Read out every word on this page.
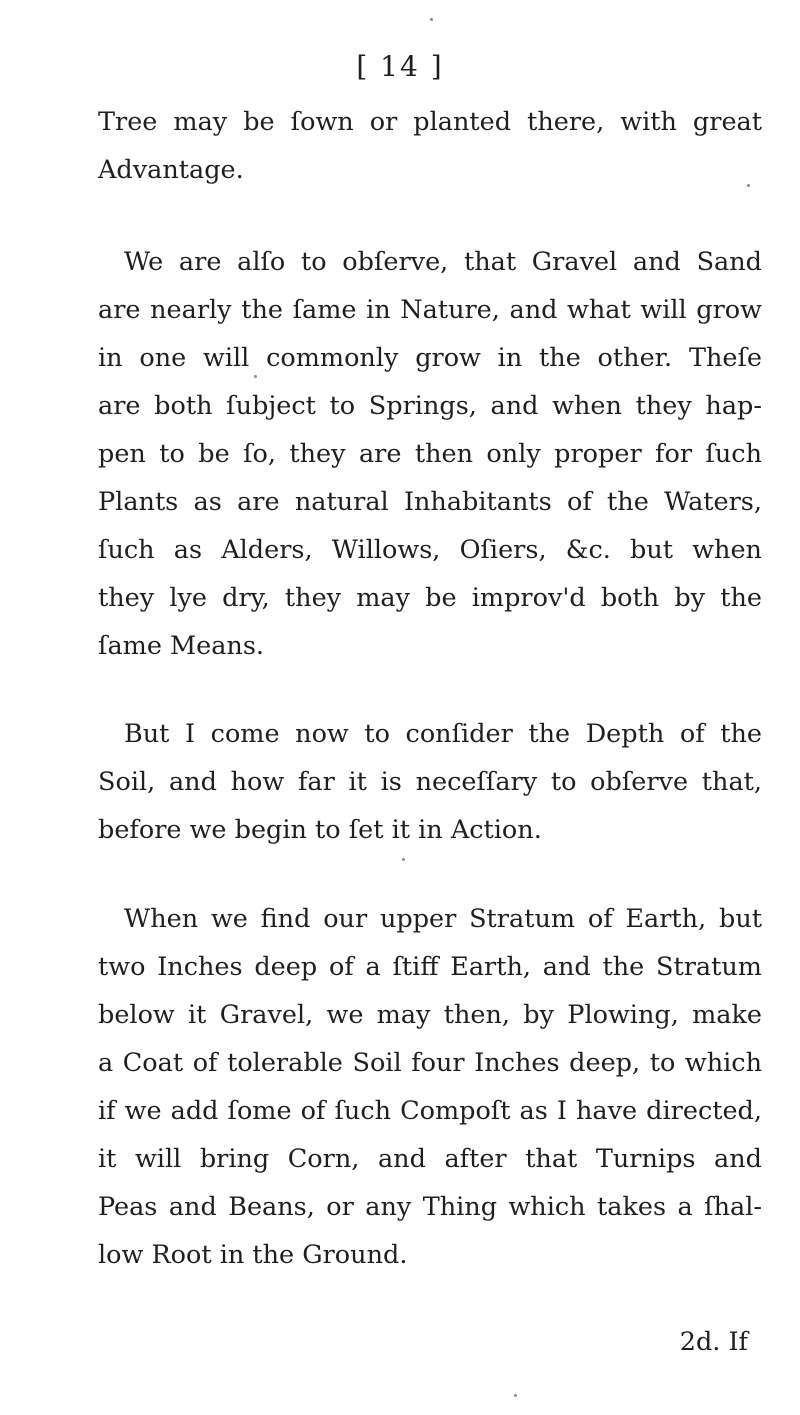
[ 14 ]
Tree may be ſown or planted there, with great
Advantage.
We are alſo to obſerve, that Gravel and Sand
are nearly the ſame in Nature, and what will grow
in one will commonly grow in the other. Theſe
are both ſubject to Springs, and when they hap-
pen to be ſo, they are then only proper for ſuch
Plants as are natural Inhabitants of the Waters,
ſuch as Alders, Willows, Oſiers, &c. but when
they lye dry, they may be improv'd both by the
ſame Means.
But I come now to conſider the Depth of the
Soil, and how far it is neceſſary to obſerve that,
before we begin to ſet it in Action.
When we find our upper Stratum of Earth, but
two Inches deep of a ſtiff Earth, and the Stratum
below it Gravel, we may then, by Plowing, make
a Coat of tolerable Soil four Inches deep, to which
if we add ſome of ſuch Compoſt as I have directed,
it will bring Corn, and after that Turnips and
Peas and Beans, or any Thing which takes a ſhal-
low Root in the Ground.
2d. If
